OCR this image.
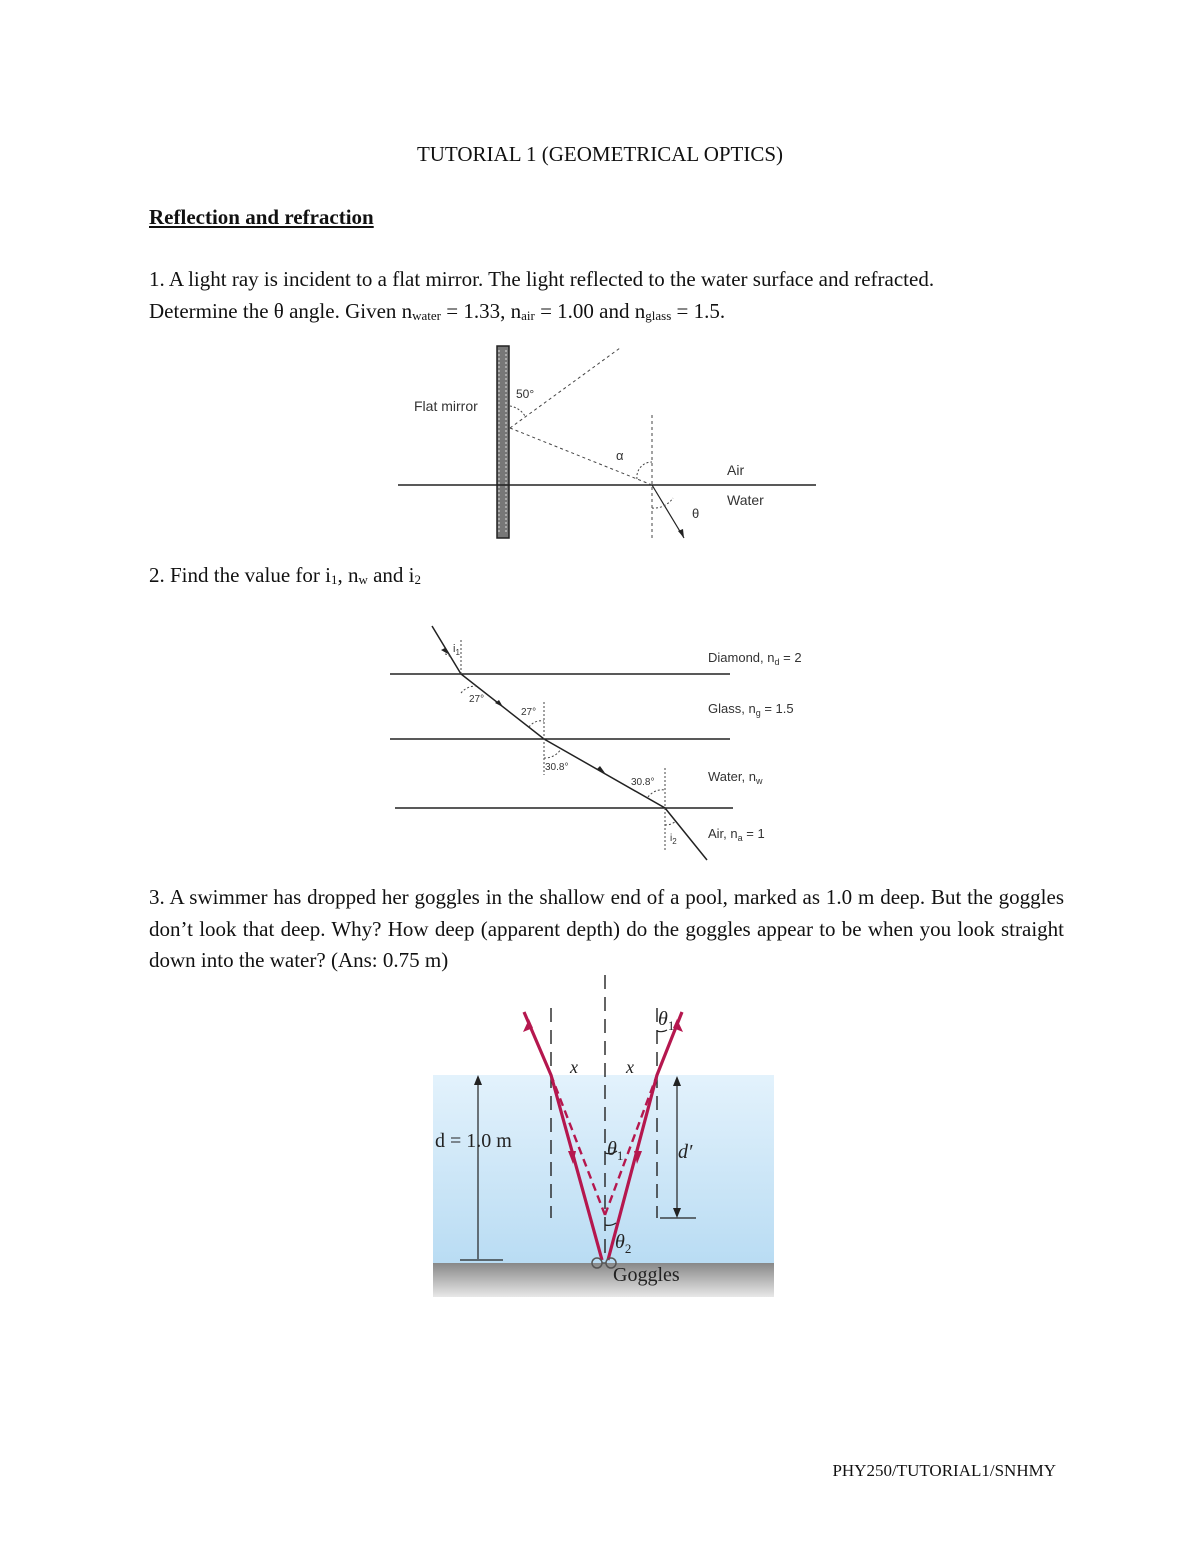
TUTORIAL 1 (GEOMETRICAL OPTICS)
Reflection and refraction
1. A light ray is incident to a flat mirror. The light reflected to the water surface and refracted.
Determine the θ angle. Given $n_{water} = 1.33$, $n_{air} = 1.00$ and $n_{glass} = 1.5$.
Flat mirror
50°
α
Air
Water
θ
2. Find the value for $i_1$, $n_w$ and $i_2$
$i_1$
27°
27°
30.8°
30.8°
$i_2$
Diamond, $n_d = 2$
Glass, $n_g = 1.5$
Water, $n_w$
Air, $n_a = 1$
3. A swimmer has dropped her goggles in the shallow end of a pool, marked as 1.0 m deep. But the goggles don’t look that deep. Why? How deep (apparent depth) do the goggles appear to be when you look straight down into the water? (Ans: 0.75 m)
d = 1.0 m	d′
x	x
$\theta_1$
$\theta_1$
$\theta_2$
Goggles
PHY250/TUTORIAL1/SNHMY
